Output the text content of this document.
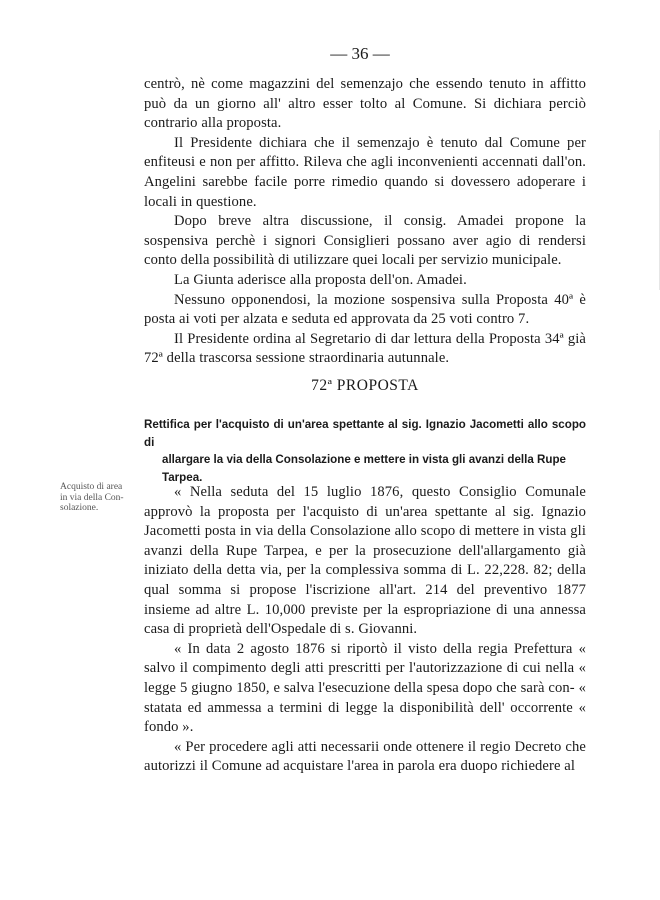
— 36 —

centrò, nè come magazzini del semenzajo che essendo tenuto in affitto può da un giorno all' altro esser tolto al Comune. Si dichiara perciò contrario alla proposta.

Il Presidente dichiara che il semenzajo è tenuto dal Comune per enfiteusi e non per affitto. Rileva che agli inconvenienti accennati dall'on. Angelini sarebbe facile porre rimedio quando si dovessero adoperare i locali in questione.

Dopo breve altra discussione, il consig. Amadei propone la sospensiva perchè i signori Consiglieri possano aver agio di rendersi conto della possibilità di utilizzare quei locali per servizio municipale.

La Giunta aderisce alla proposta dell'on. Amadei.

Nessuno opponendosi, la mozione sospensiva sulla Proposta 40ª è posta ai voti per alzata e seduta ed approvata da 25 voti contro 7.

Il Presidente ordina al Segretario di dar lettura della Proposta 34ª già 72ª della trascorsa sessione straordinaria autunnale.

72ª PROPOSTA

Rettifica per l'acquisto di un'area spettante al sig. Ignazio Jacometti allo scopo di

allargare la via della Consolazione e mettere in vista gli avanzi della Rupe

Tarpea.

Acquisto di area
in via della Con-
solazione.

« Nella seduta del 15 luglio 1876, questo Consiglio Comunale approvò la proposta per l'acquisto di un'area spettante al sig. Ignazio Jacometti posta in via della Consolazione allo scopo di mettere in vista gli avanzi della Rupe Tarpea, e per la prosecuzione dell'allargamento già iniziato della detta via, per la complessiva somma di L. 22,228. 82; della qual somma si propose l'iscrizione all'art. 214 del preventivo 1877 insieme ad altre L. 10,000 previste per la espropriazione di una annessa casa di proprietà dell'Ospedale di s. Giovanni.

« In data 2 agosto 1876 si riportò il visto della regia Prefettura « salvo il compimento degli atti prescritti per l'autorizzazione di cui nella « legge 5 giugno 1850, e salva l'esecuzione della spesa dopo che sarà con- « statata ed ammessa a termini di legge la disponibilità dell' occorrente « fondo ».

« Per procedere agli atti necessarii onde ottenere il regio Decreto che autorizzi il Comune ad acquistare l'area in parola era duopo richiedere al
